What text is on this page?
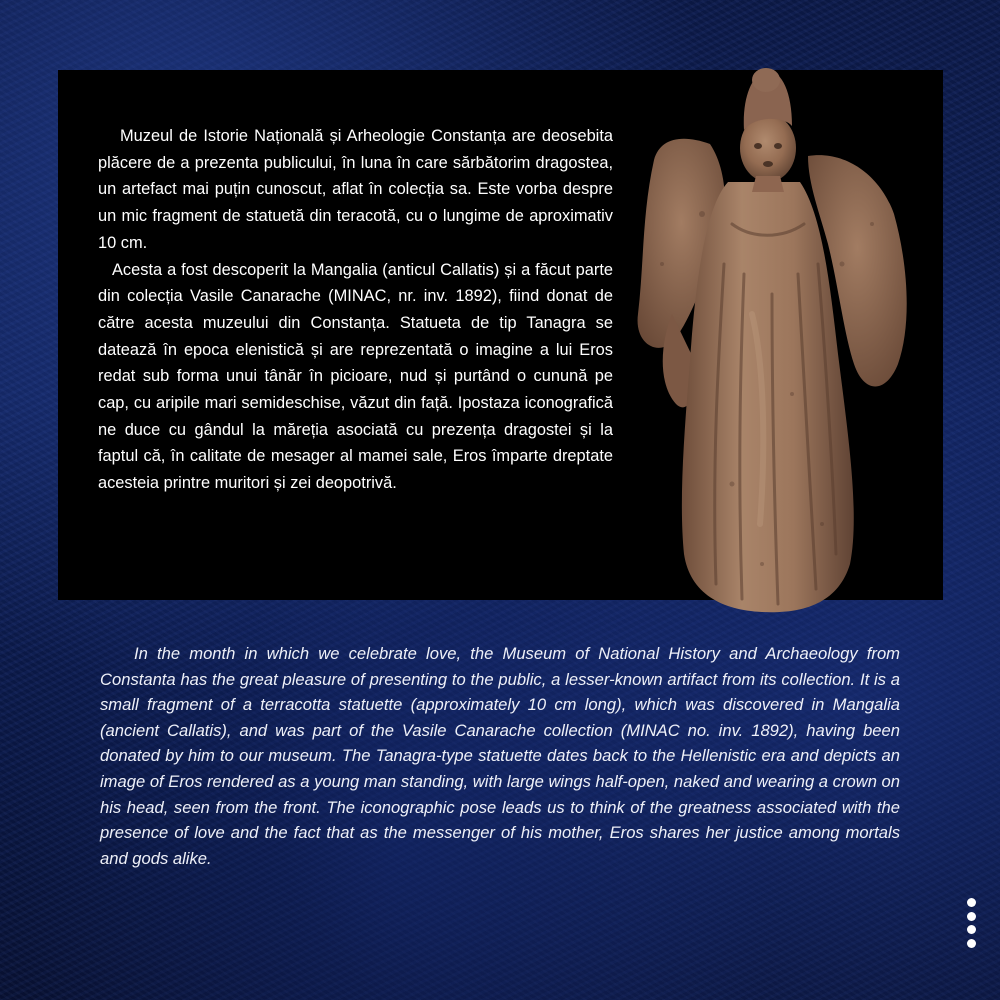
Muzeul de Istorie Națională și Arheologie Constanța are deosebita plăcere de a prezenta publicului, în luna în care sărbătorim dragostea, un artefact mai puțin cunoscut, aflat în colecția sa. Este vorba despre un mic fragment de statuetă din teracotă, cu o lungime de aproximativ 10 cm.

Acesta a fost descoperit la Mangalia (anticul Callatis) și a făcut parte din colecția Vasile Canarache (MINAC, nr. inv. 1892), fiind donat de către acesta muzeului din Constanța. Statueta de tip Tanagra se datează în epoca elenistică și are reprezentată o imagine a lui Eros redat sub forma unui tânăr în picioare, nud și purtând o cunună pe cap, cu aripile mari semideschise, văzut din față. Ipostaza iconografică ne duce cu gândul la măreția asociată cu prezența dragostei și la faptul că, în calitate de mesager al mamei sale, Eros împarte dreptate acesteia printre muritori și zei deopotrivă.

In the month in which we celebrate love, the Museum of National History and Archaeology from Constanta has the great pleasure of presenting to the public, a lesser-known artifact from its collection. It is a small fragment of a terracotta statuette (approximately 10 cm long), which was discovered in Mangalia (ancient Callatis), and was part of the Vasile Canarache collection (MINAC no. inv. 1892), having been donated by him to our museum. The Tanagra-type statuette dates back to the Hellenistic era and depicts an image of Eros rendered as a young man standing, with large wings half-open, naked and wearing a crown on his head, seen from the front. The iconographic pose leads us to think of the greatness associated with the presence of love and the fact that as the messenger of his mother, Eros shares her justice among mortals and gods alike.
